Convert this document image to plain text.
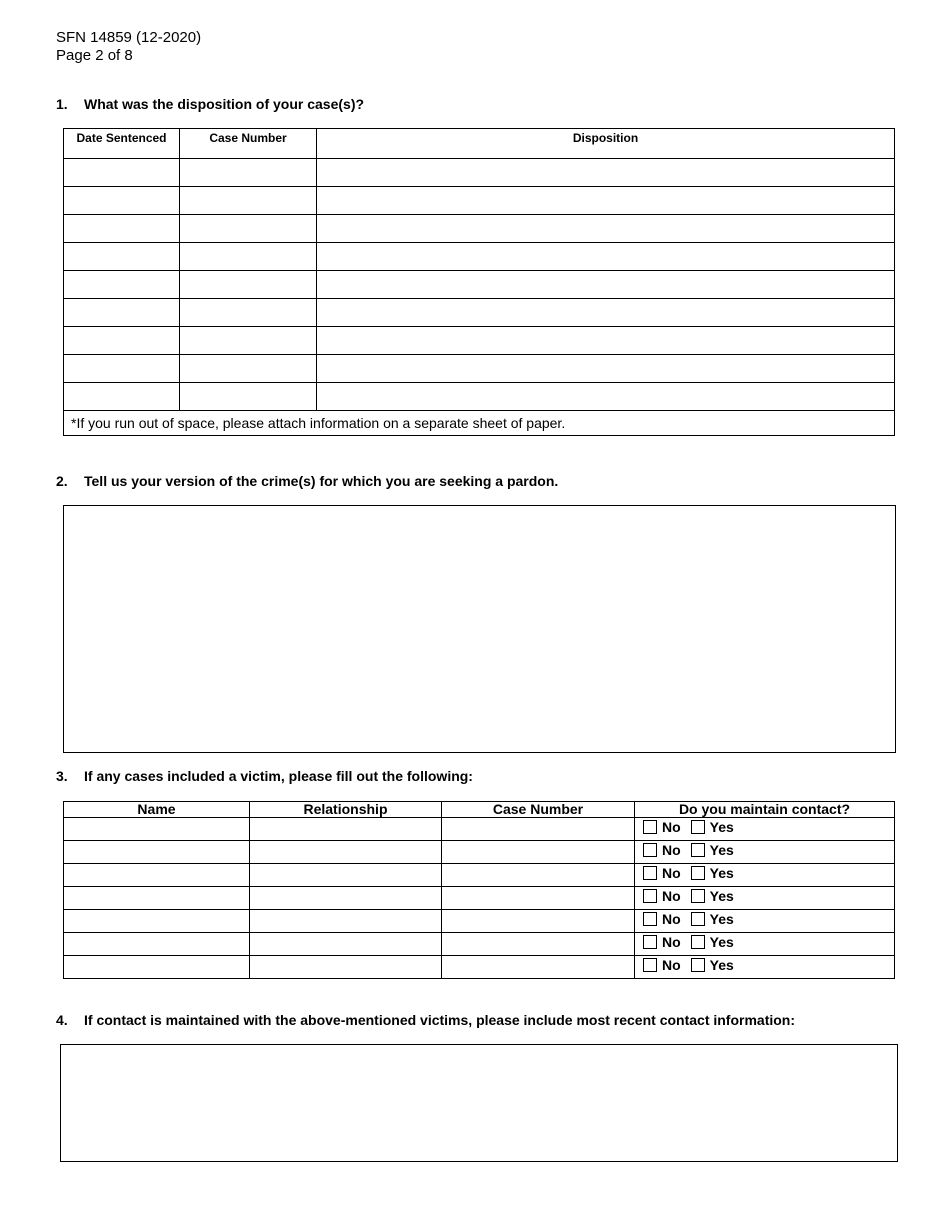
SFN 14859 (12-2020)
Page 2 of 8
1. What was the disposition of your case(s)?
Date Sentenced	Case Number	Disposition

*If you run out of space, please attach information on a separate sheet of paper.		
2. Tell us your version of the crime(s) for which you are seeking a pardon.
3. If any cases included a victim, please fill out the following:
Name	Relationship	Case Number	Do you maintain contact?

			No Yes

			No Yes

			No Yes

			No Yes

			No Yes

			No Yes

			No Yes
4. If contact is maintained with the above-mentioned victims, please include most recent contact information:
